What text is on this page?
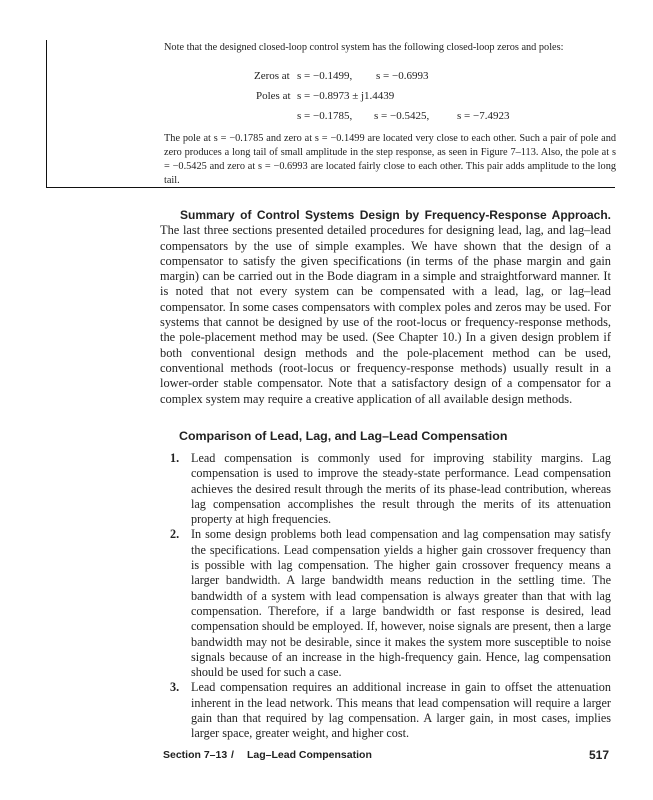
Note that the designed closed-loop control system has the following closed-loop zeros and poles:

Zeros at s = −0.1499, s = −0.6993
Poles at s = −0.8973 ± j1.4439
s = −0.1785, s = −0.5425,	s = −7.4923

The pole at s = −0.1785 and zero at s = −0.1499 are located very close to each other. Such a pair of pole and zero produces a long tail of small amplitude in the step response, as seen in Figure 7–113. Also, the pole at s = −0.5425 and zero at s = −0.6993 are located fairly close to each other. This pair adds amplitude to the long tail.

Summary of Control Systems Design by Frequency-Response Approach. The last three sections presented detailed procedures for designing lead, lag, and lag–lead compensators by the use of simple examples. We have shown that the design of a compensator to satisfy the given specifications (in terms of the phase margin and gain margin) can be carried out in the Bode diagram in a simple and straightforward manner. It is noted that not every system can be compensated with a lead, lag, or lag–lead compensator. In some cases compensators with complex poles and zeros may be used. For systems that cannot be designed by use of the root-locus or frequency-response methods, the pole-placement method may be used. (See Chapter 10.) In a given design problem if both conventional design methods and the pole-placement method can be used, conventional methods (root-locus or frequency-response methods) usually result in a lower-order stable compensator. Note that a satisfactory design of a compensator for a complex system may require a creative application of all available design methods.
Comparison of Lead, Lag, and Lag–Lead Compensation
1. Lead compensation is commonly used for improving stability margins. Lag compensation is used to improve the steady-state performance. Lead compensation achieves the desired result through the merits of its phase-lead contribution, whereas lag compensation accomplishes the result through the merits of its attenuation property at high frequencies.
2. In some design problems both lead compensation and lag compensation may satisfy the specifications. Lead compensation yields a higher gain crossover frequency than is possible with lag compensation. The higher gain crossover frequency means a larger bandwidth. A large bandwidth means reduction in the settling time. The bandwidth of a system with lead compensation is always greater than that with lag compensation. Therefore, if a large bandwidth or fast response is desired, lead compensation should be employed. If, however, noise signals are present, then a large bandwidth may not be desirable, since it makes the system more susceptible to noise signals because of an increase in the high-frequency gain. Hence, lag compensation should be used for such a case.
3. Lead compensation requires an additional increase in gain to offset the attenuation inherent in the lead network. This means that lead compensation will require a larger gain than that required by lag compensation. A larger gain, in most cases, implies larger space, greater weight, and higher cost.
Section 7–13 / Lag–Lead Compensation	517
